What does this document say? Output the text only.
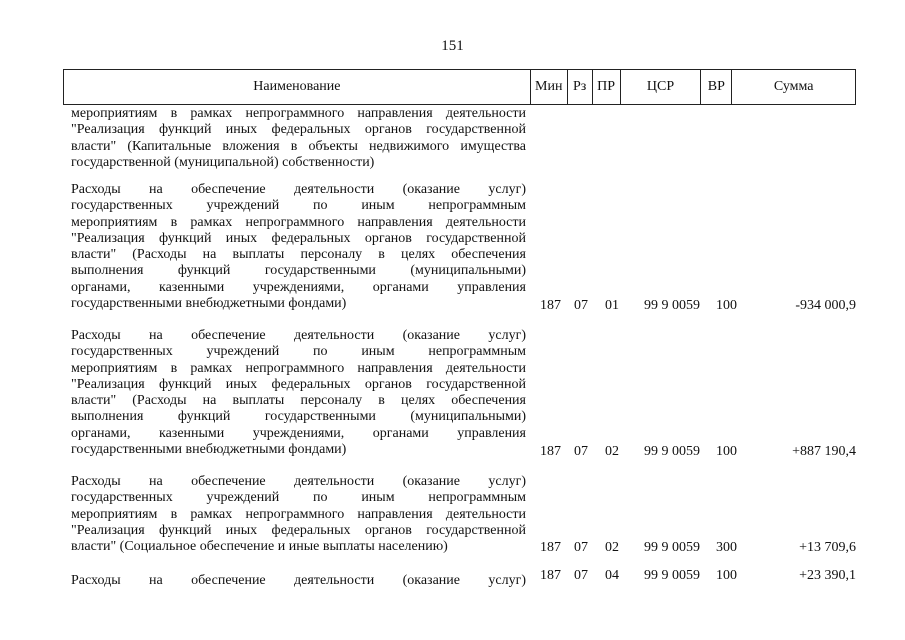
151
Наименование	Мин Рз ПР	ЦСР	ВР	Сумма
мероприятиям в рамках непрограммного направления деятельности
"Реализация функций иных федеральных органов государственной
власти" (Капитальные вложения в объекты недвижимого имущества
государственной (муниципальной) собственности)
Расходы на обеспечение деятельности (оказание услуг)
государственных учреждений по иным непрограммным
мероприятиям в рамках непрограммного направления деятельности
"Реализация функций иных федеральных органов государственной
власти" (Расходы на выплаты персоналу в целях обеспечения
выполнения функций государственными (муниципальными)
органами, казенными учреждениями, органами управления
государственными внебюджетными фондами)	187 07 01 99 9 0059 100	-934 000,9
Расходы на обеспечение деятельности (оказание услуг)
государственных учреждений по иным непрограммным
мероприятиям в рамках непрограммного направления деятельности
"Реализация функций иных федеральных органов государственной
власти" (Расходы на выплаты персоналу в целях обеспечения
выполнения функций государственными (муниципальными)
органами, казенными учреждениями, органами управления
государственными внебюджетными фондами)	187 07 02 99 9 0059 100	+887 190,4
Расходы на обеспечение деятельности (оказание услуг)
государственных учреждений по иным непрограммным
мероприятиям в рамках непрограммного направления деятельности
"Реализация функций иных федеральных органов государственной
власти" (Социальное обеспечение и иные выплаты населению)	187 07 02 99 9 0059 300	+13 709,6
Расходы на обеспечение деятельности (оказание услуг) 187 07 04 99 9 0059 100	+23 390,1
